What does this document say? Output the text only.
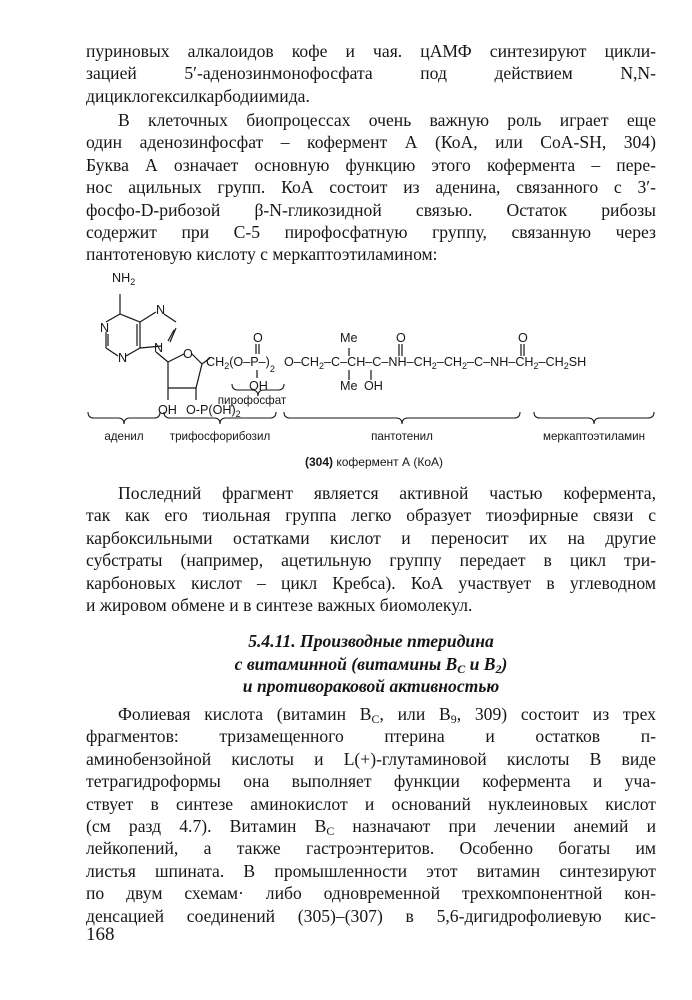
пуриновых алкалоидов кофе и чая. цАМФ синтезируют цикли-
зацией 5′-аденозинмонофосфата под действием N,N-
дициклогексилкарбодиимида.
В клеточных биопроцессах очень важную роль играет еще
один аденозинфосфат – кофермент А (КоА, или CoA-SH, 304)
Буква А означает основную функцию этого кофермента – пере-
нос ацильных групп. КоА состоит из аденина, связанного с 3′-
фосфо-D-рибозой β-N-гликозидной связью. Остаток рибозы
содержит при С-5 пирофосфатную группу, связанную через
пантотеновую кислоту с меркаптоэтиламином:
$NH_2$
N
N
N
N O
$CH_2(O-P-)_2$
O
OH
$O-CH_2-C-CH-C-NH-CH_2-CH_2-C-NH-CH_2-CH_2SH$
Me
Me OH
O	O
OH $O-P(OH)_2$
пирофосфат
аденил трифосфорибозил	пантотенил	меркаптоэтиламин
(304) кофермент А (КоА)
Последний фрагмент является активной частью кофермента,
так как его тиольная группа легко образует тиоэфирные связи с
карбоксильными остатками кислот и переносит их на другие
субстраты (например, ацетильную группу передает в цикл три-
карбоновых кислот – цикл Кребса). КоА участвует в углеводном
и жировом обмене и в синтезе важных биомолекул.
5.4.11. Производные птеридина
с витаминной (витамины $B_C$ и $B_2$)
и противораковой активностью
Фолиевая кислота (витамин $B_C$, или $B_9$, 309) состоит из трех
фрагментов: тризамещенного птерина и остатков п-
аминобензойной кислоты и L(+)-глутаминовой кислоты В виде
тетрагидроформы она выполняет функции кофермента и уча-
ствует в синтезе аминокислот и оснований нуклеиновых кислот
(см разд 4.7). Витамин $B_C$ назначают при лечении анемий и
лейкопений, а также гастроэнтеритов. Особенно богаты им
листья шпината. В промышленности этот витамин синтезируют
по двум схемам· либо одновременной трехкомпонентной кон-
денсацией соединений (305)–(307) в 5,6-дигидрофолиевую кис-
168
